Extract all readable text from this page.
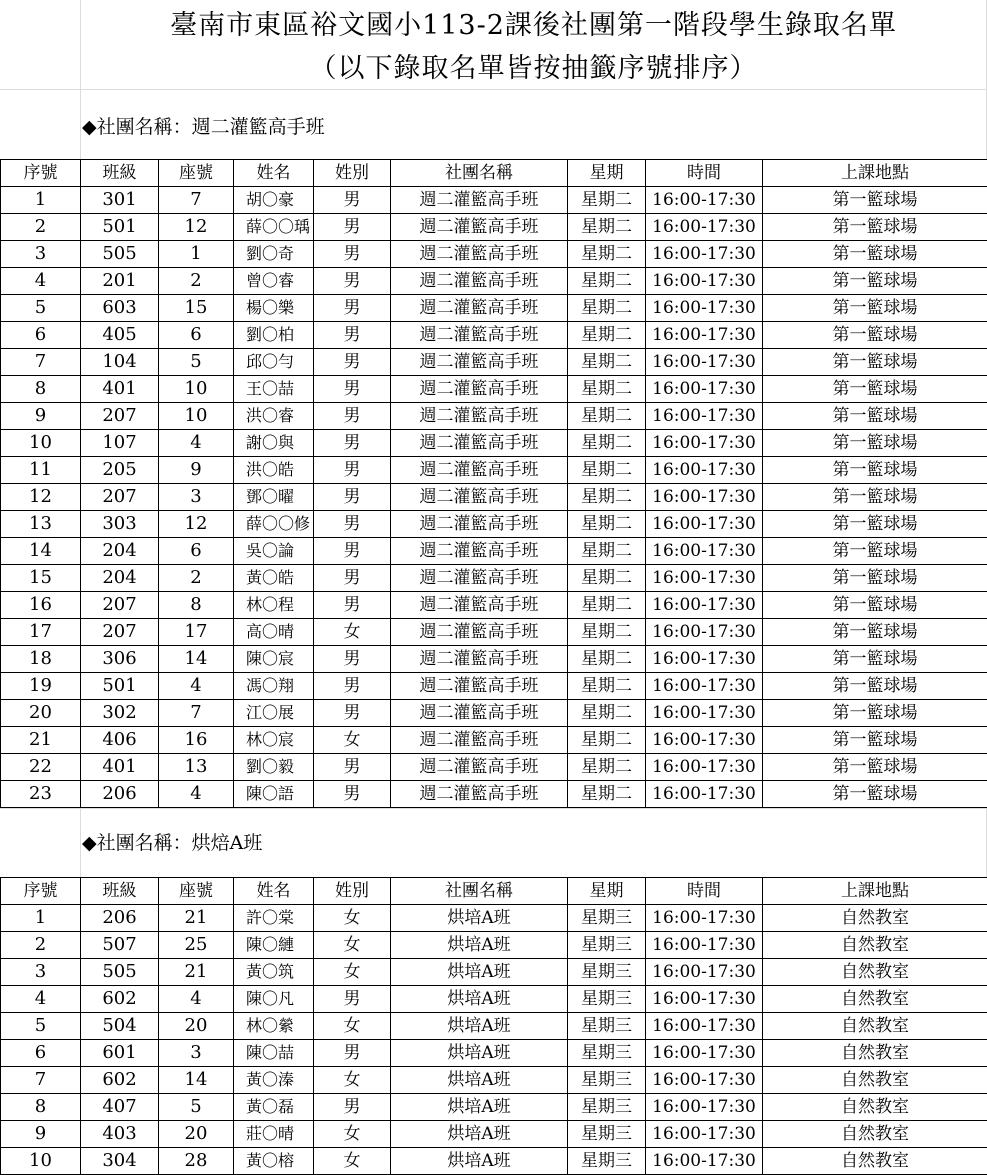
臺南市東區裕文國小113-2課後社團第一階段學生錄取名單
（以下錄取名單皆按抽籤序號排序）
◆社團名稱：週二灌籃高手班
序號	班級	座號	姓名	姓別	社團名稱	星期	時間	上課地點
1	301	7	胡〇豪	男	週二灌籃高手班	星期二	16:00-17:30	第一籃球場
2	501	12	薛〇〇瑀	男	週二灌籃高手班	星期二	16:00-17:30	第一籃球場
3	505	1	劉〇奇	男	週二灌籃高手班	星期二	16:00-17:30	第一籃球場
4	201	2	曾〇睿	男	週二灌籃高手班	星期二	16:00-17:30	第一籃球場
5	603	15	楊〇樂	男	週二灌籃高手班	星期二	16:00-17:30	第一籃球場
6	405	6	劉〇柏	男	週二灌籃高手班	星期二	16:00-17:30	第一籃球場
7	104	5	邱〇勻	男	週二灌籃高手班	星期二	16:00-17:30	第一籃球場
8	401	10	王〇喆	男	週二灌籃高手班	星期二	16:00-17:30	第一籃球場
9	207	10	洪〇睿	男	週二灌籃高手班	星期二	16:00-17:30	第一籃球場
10	107	4	謝〇與	男	週二灌籃高手班	星期二	16:00-17:30	第一籃球場
11	205	9	洪〇皓	男	週二灌籃高手班	星期二	16:00-17:30	第一籃球場
12	207	3	鄧〇曜	男	週二灌籃高手班	星期二	16:00-17:30	第一籃球場
13	303	12	薛〇〇修	男	週二灌籃高手班	星期二	16:00-17:30	第一籃球場
14	204	6	吳〇論	男	週二灌籃高手班	星期二	16:00-17:30	第一籃球場
15	204	2	黃〇皓	男	週二灌籃高手班	星期二	16:00-17:30	第一籃球場
16	207	8	林〇程	男	週二灌籃高手班	星期二	16:00-17:30	第一籃球場
17	207	17	高〇晴	女	週二灌籃高手班	星期二	16:00-17:30	第一籃球場
18	306	14	陳〇宸	男	週二灌籃高手班	星期二	16:00-17:30	第一籃球場
19	501	4	馮〇翔	男	週二灌籃高手班	星期二	16:00-17:30	第一籃球場
20	302	7	江〇展	男	週二灌籃高手班	星期二	16:00-17:30	第一籃球場
21	406	16	林〇宸	女	週二灌籃高手班	星期二	16:00-17:30	第一籃球場
22	401	13	劉〇毅	男	週二灌籃高手班	星期二	16:00-17:30	第一籃球場
23	206	4	陳〇語	男	週二灌籃高手班	星期二	16:00-17:30	第一籃球場
◆社團名稱：烘焙A班
序號	班級	座號	姓名	姓別	社團名稱	星期	時間	上課地點
1	206	21	許〇棠	女	烘培A班	星期三	16:00-17:30	自然教室
2	507	25	陳〇縺	女	烘培A班	星期三	16:00-17:30	自然教室
3	505	21	黃〇筑	女	烘培A班	星期三	16:00-17:30	自然教室
4	602	4	陳〇凡	男	烘培A班	星期三	16:00-17:30	自然教室
5	504	20	林〇縈	女	烘培A班	星期三	16:00-17:30	自然教室
6	601	3	陳〇喆	男	烘培A班	星期三	16:00-17:30	自然教室
7	602	14	黃〇溱	女	烘培A班	星期三	16:00-17:30	自然教室
8	407	5	黃〇磊	男	烘培A班	星期三	16:00-17:30	自然教室
9	403	20	莊〇晴	女	烘培A班	星期三	16:00-17:30	自然教室
10	304	28	黃〇榕	女	烘培A班	星期三	16:00-17:30	自然教室
